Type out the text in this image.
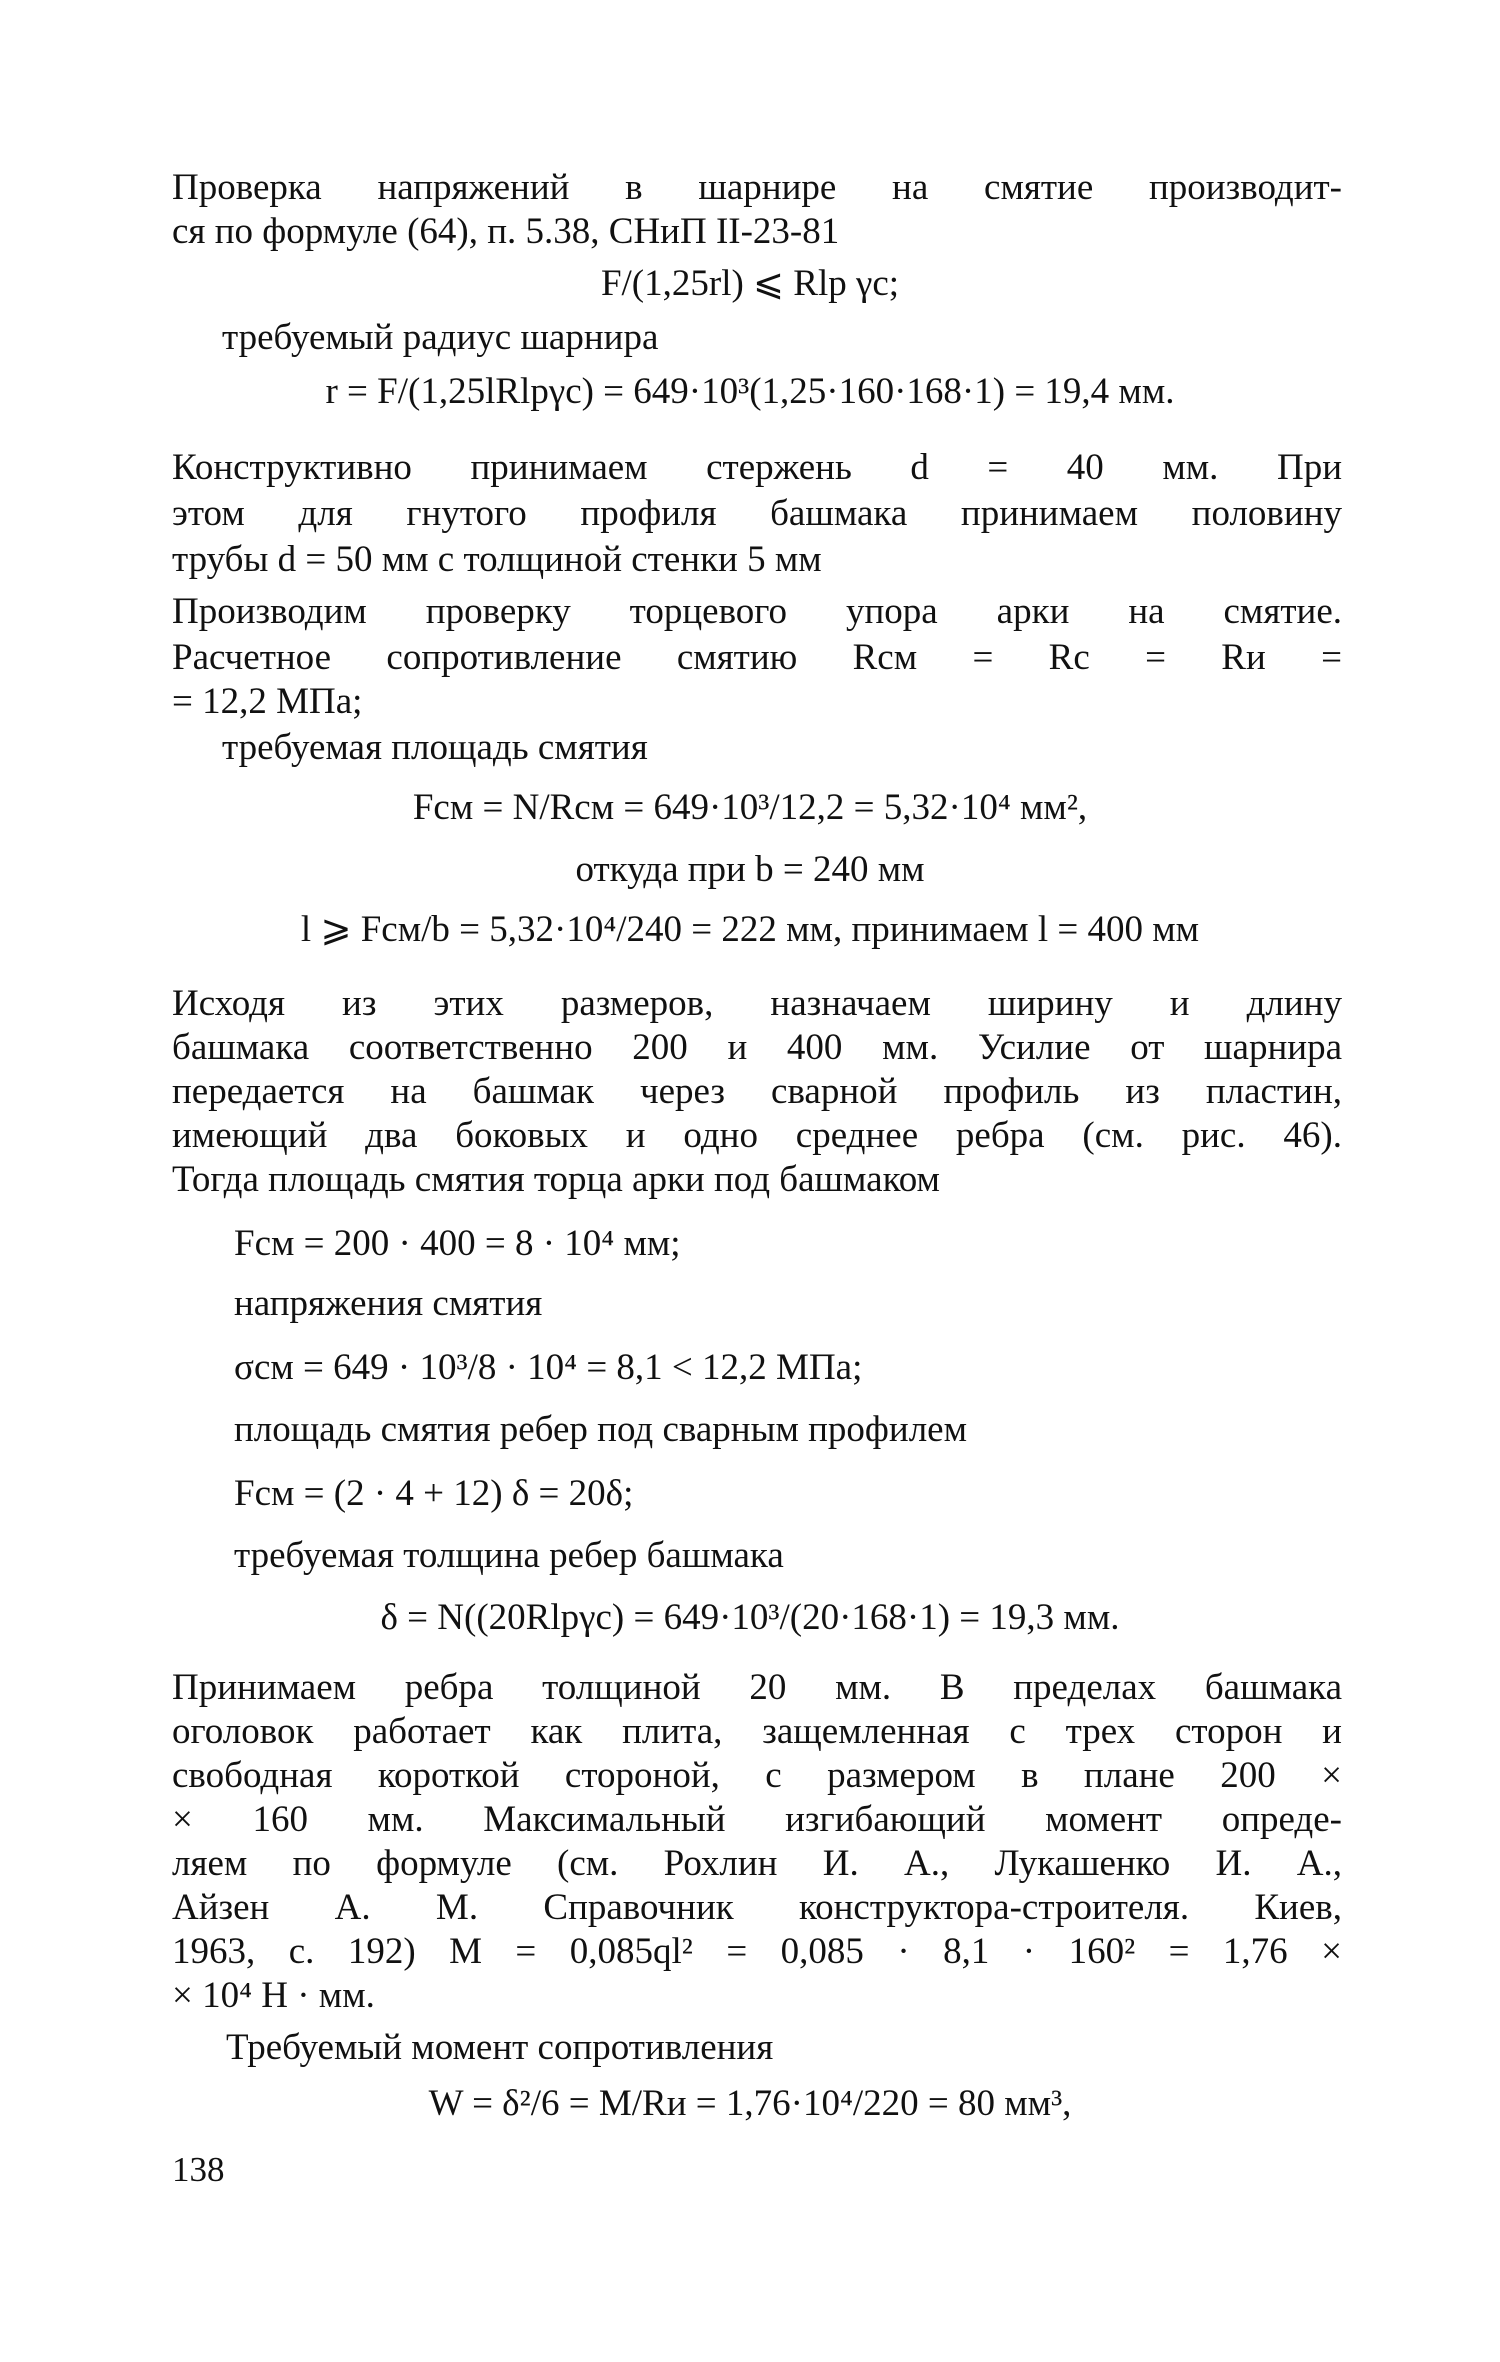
Проверка напряжений в шарнире на смятие производит-
ся по формуле (64), п. 5.38, СНиП II-23-81
F/(1,25rl) ⩽ Rlp γc;
требуемый радиус шарнира
r = F/(1,25lRlpγc) = 649·10³(1,25·160·168·1) = 19,4 мм.
Конструктивно принимаем стержень d = 40 мм. При
этом для гнутого профиля башмака принимаем половину
трубы d = 50 мм с толщиной стенки 5 мм
Производим проверку торцевого упора арки на смятие.
Расчетное сопротивление смятию Rсм = Rс = Rи =
= 12,2 МПа;
требуемая площадь смятия
Fсм = N/Rсм = 649·10³/12,2 = 5,32·10⁴ мм²,
откуда при b = 240 мм
l ⩾ Fсм/b = 5,32·10⁴/240 = 222 мм, принимаем l = 400 мм
Исходя из этих размеров, назначаем ширину и длину
башмака соответственно 200 и 400 мм. Усилие от шарнира
передается на башмак через сварной профиль из пластин,
имеющий два боковых и одно среднее ребра (см. рис. 46).
Тогда площадь смятия торца арки под башмаком
Fсм = 200 · 400 = 8 · 10⁴ мм;
напряжения смятия
σсм = 649 · 10³/8 · 10⁴ = 8,1 < 12,2 МПа;
площадь смятия ребер под сварным профилем
Fсм = (2 · 4 + 12) δ = 20δ;
требуемая толщина ребер башмака
δ = N((20Rlpγc) = 649·10³/(20·168·1) = 19,3 мм.
Принимаем ребра толщиной 20 мм. В пределах башмака
оголовок работает как плита, защемленная с трех сторон и
свободная короткой стороной, с размером в плане 200 ×
× 160 мм. Максимальный изгибающий момент опреде-
ляем по формуле (см. Рохлин И. А., Лукашенко И. А.,
Айзен А. М. Справочник конструктора-строителя. Киев,
1963, с. 192) M = 0,085ql² = 0,085 · 8,1 · 160² = 1,76 ×
× 10⁴ Н · мм.
Требуемый момент сопротивления
W = δ²/6 = M/Rи = 1,76·10⁴/220 = 80 мм³,
138
